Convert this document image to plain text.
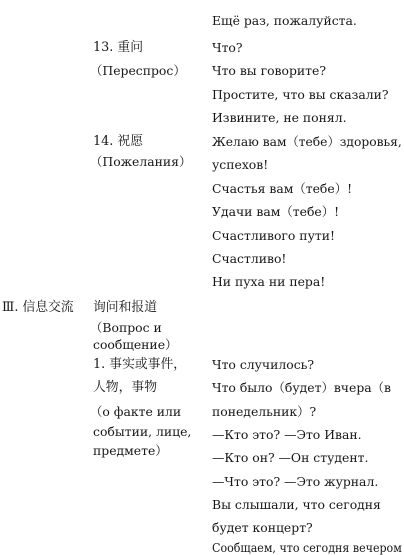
Ещё раз, пожалуйста.
13. 重问
（Переспрос）
Что?
Что вы говорите?
Простите, что вы сказали?
Извините, не понял.
14. 祝愿
（Пожелания）
Желаю вам（тебе）здоровья,
успехов!
Счастья вам（тебе）!
Удачи вам（тебе）!
Счастливого пути!
Счастливо!
Ни пуха ни пера!
Ⅲ. 信息交流 询问和报道
（Вопрос и
сообщение）
1. 事实或事件，
人物，事物
（о факте или
событии, лице,
предмете）
Что случилось?
Что было（будет）вчера（в
понедельник）?
—Кто это? —Это Иван.
—Кто он? —Он студент.
—Что это? —Это журнал.
Вы слышали, что сегодня
будет концерт?
Сообщаем, что сегодня вечером
